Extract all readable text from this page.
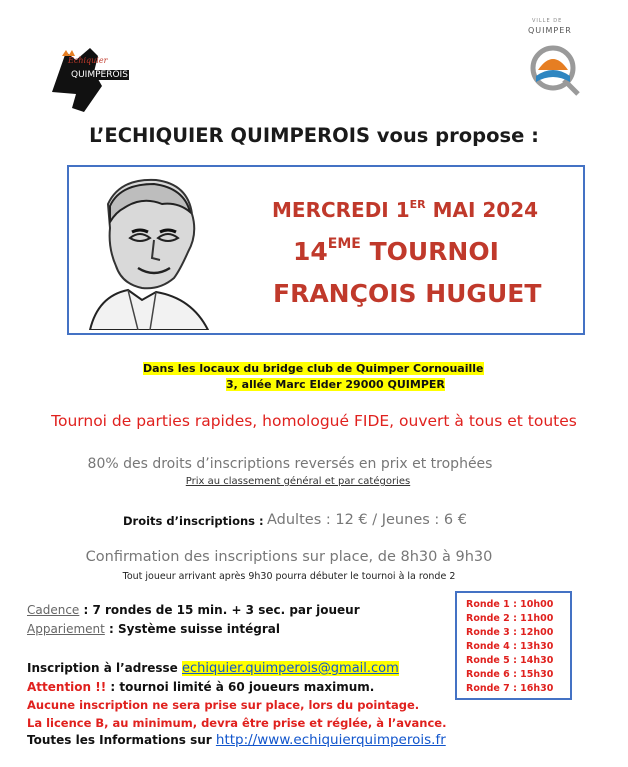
Echiquier
QUIMPEROIS
VILLE DE
QUIMPER
L’ECHIQUIER QUIMPEROIS vous propose :
MERCREDI 1ER MAI 2024
14EME TOURNOI
FRANÇOIS HUGUET
Dans les locaux du bridge club de Quimper Cornouaille
3, allée Marc Elder 29000 QUIMPER
Tournoi de parties rapides, homologué FIDE, ouvert à tous et toutes
80% des droits d’inscriptions reversés en prix et trophées
Prix au classement général et par catégories
Droits d’inscriptions : Adultes : 12 € / Jeunes : 6 €
Confirmation des inscriptions sur place, de 8h30 à 9h30
Tout joueur arrivant après 9h30 pourra débuter le tournoi à la ronde 2
Cadence : 7 rondes de 15 min. + 3 sec. par joueur
Appariement : Système suisse intégral
Ronde 1 : 10h00
Ronde 2 : 11h00
Ronde 3 : 12h00
Ronde 4 : 13h30
Ronde 5 : 14h30
Ronde 6 : 15h30
Ronde 7 : 16h30
Inscription à l’adresse echiquier.quimperois@gmail.com
Attention !! : tournoi limité à 60 joueurs maximum.
Aucune inscription ne sera prise sur place, lors du pointage.
La licence B, au minimum, devra être prise et réglée, à l’avance.
Toutes les Informations sur http://www.echiquierquimperois.fr
